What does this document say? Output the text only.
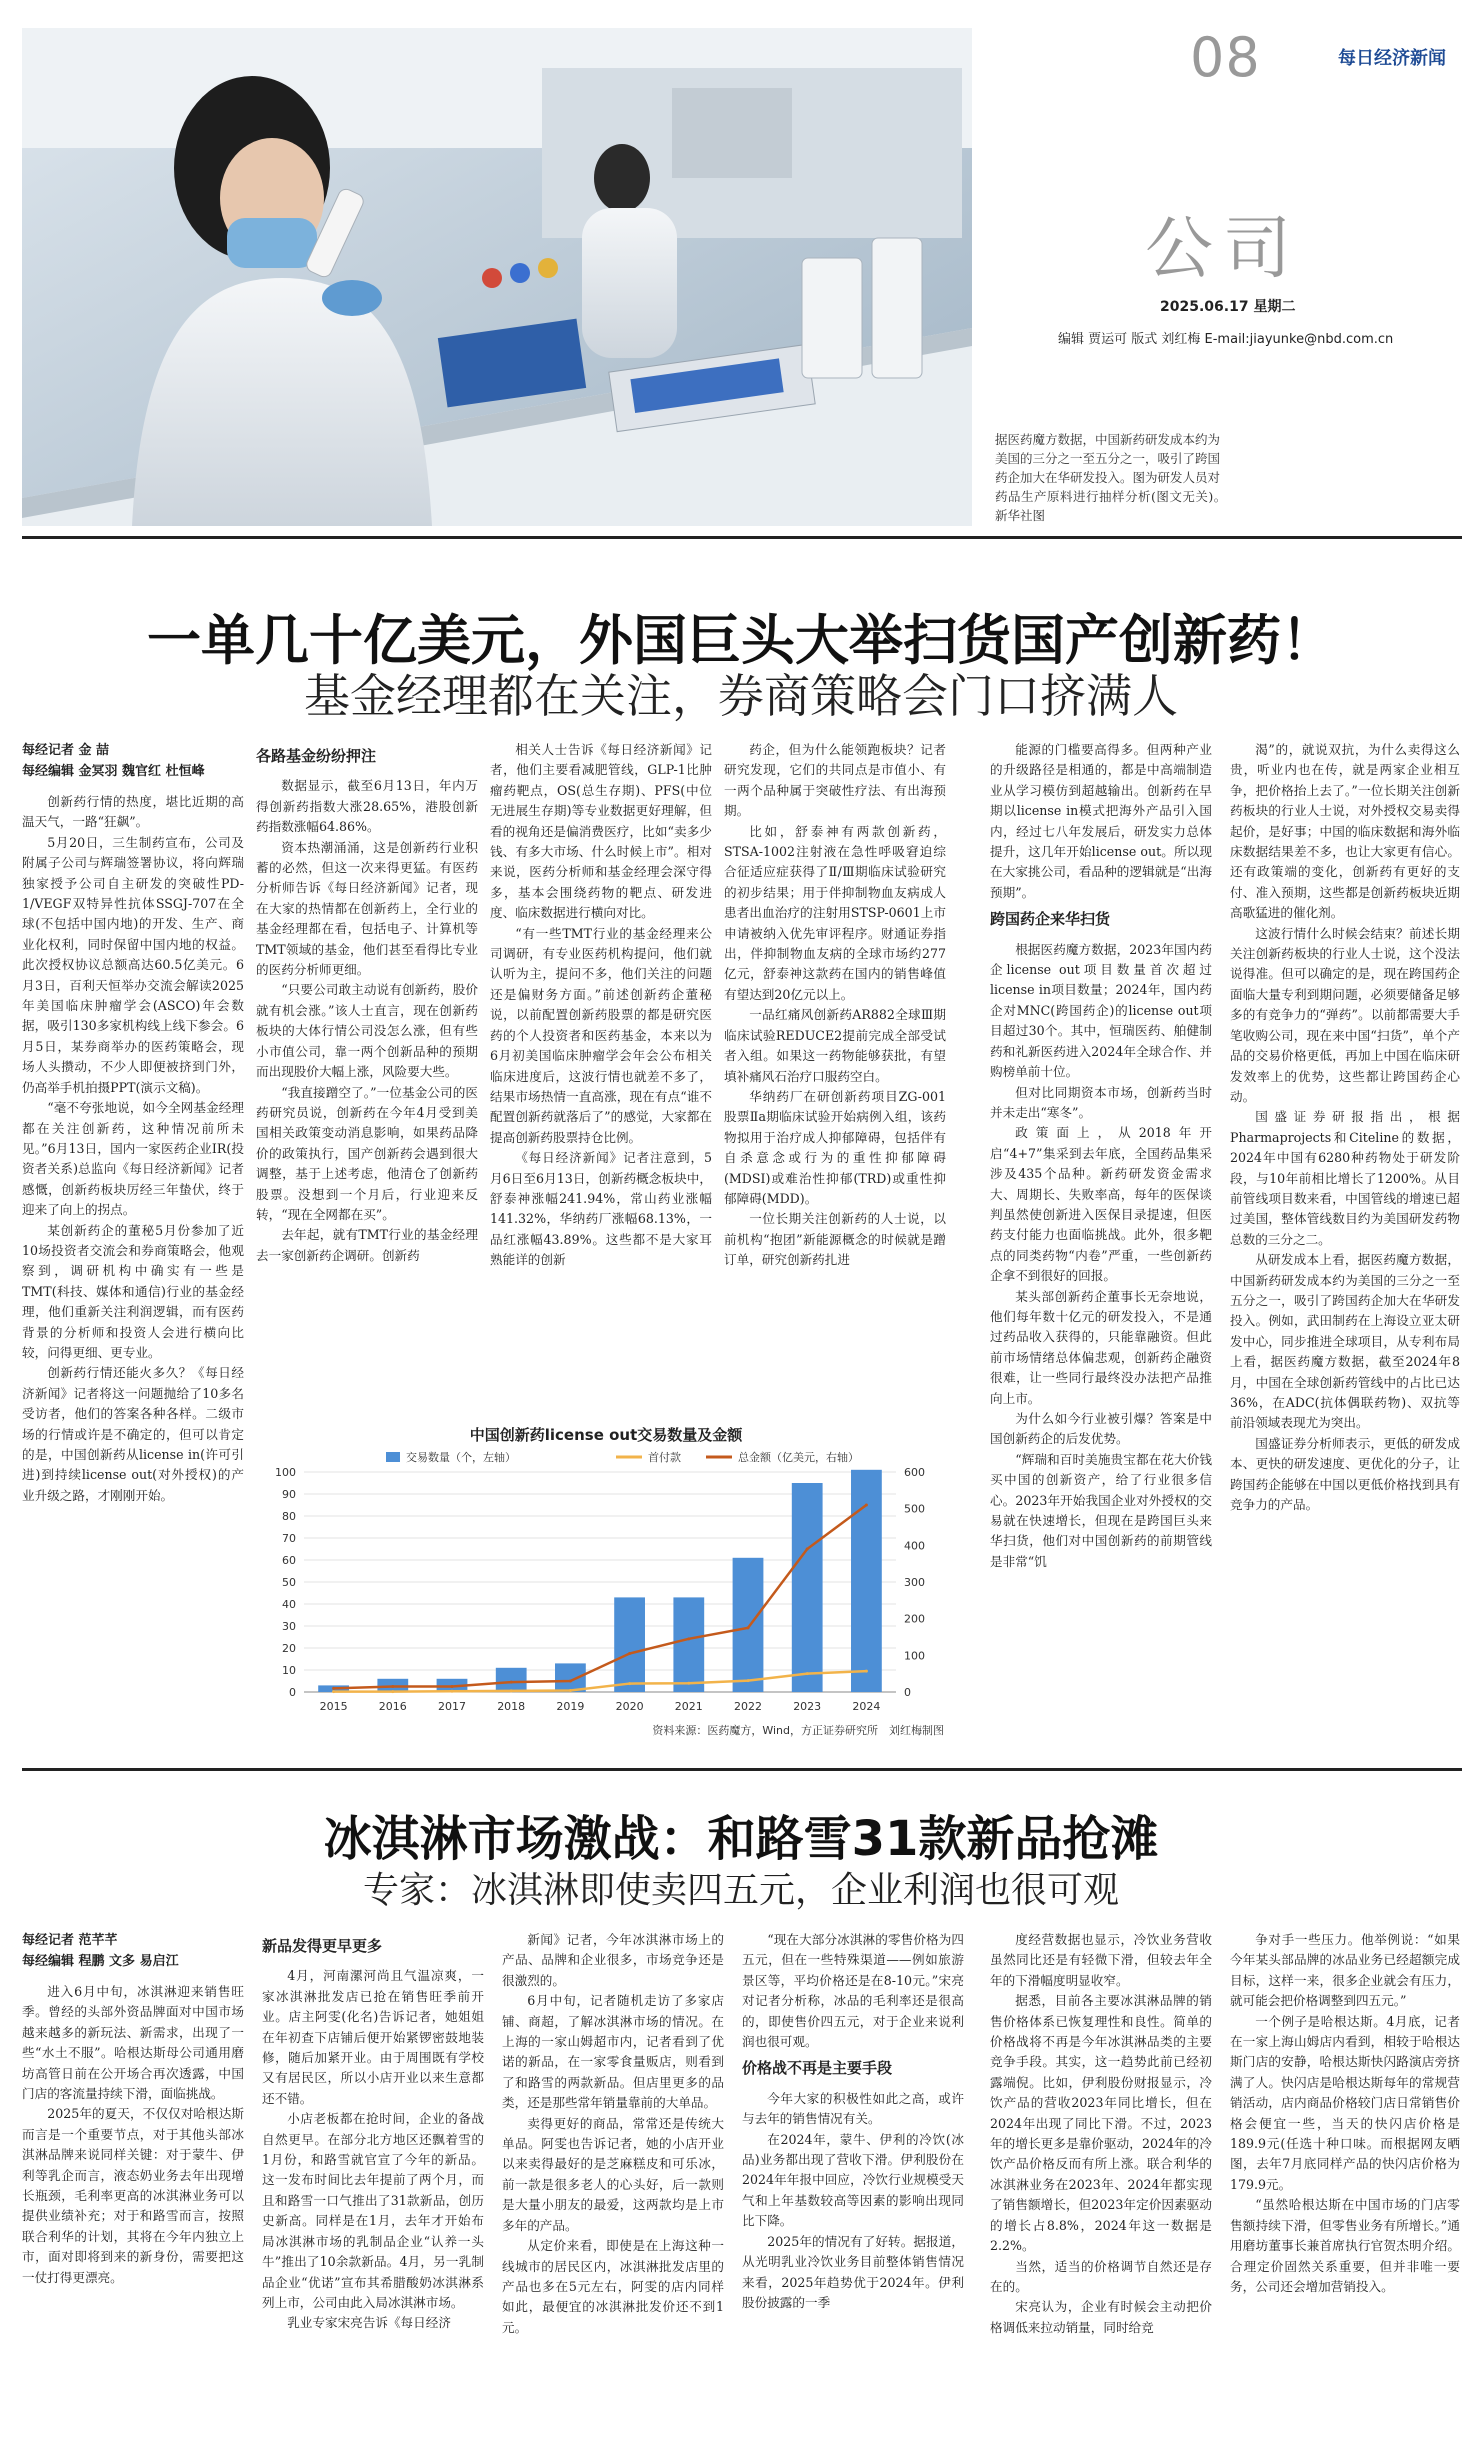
据医药魔方数据，中国新药研发成本约为美国的三分之一至五分之一，吸引了跨国药企加大在华研发投入。图为研发人员对药品生产原料进行抽样分析(图文无关)。　新华社图
08	每日经济新闻
公司
2025.06.17 星期二
编辑 贾运可 版式 刘红梅 E-mail:jiayunke@nbd.com.cn
一单几十亿美元，外国巨头大举扫货国产创新药！
基金经理都在关注，券商策略会门口挤满人

每经记者 金 喆

每经编辑 金冥羽 魏官红 杜恒峰

创新药行情的热度，堪比近期的高温天气，一路“狂飙”。

5月20日，三生制药宣布，公司及附属子公司与辉瑞签署协议，将向辉瑞独家授予公司自主研发的突破性PD-1/VEGF双特异性抗体SSGJ-707在全球(不包括中国内地)的开发、生产、商业化权利，同时保留中国内地的权益。此次授权协议总额高达60.5亿美元。6月3日，百利天恒举办交流会解读2025年美国临床肿瘤学会(ASCO)年会数据，吸引130多家机构线上线下参会。6月5日，某券商举办的医药策略会，现场人头攒动，不少人即便被挤到门外，仍高举手机拍摄PPT(演示文稿)。

“毫不夸张地说，如今全网基金经理都在关注创新药，这种情况前所未见。”6月13日，国内一家医药企业IR(投资者关系)总监向《每日经济新闻》记者感慨，创新药板块厉经三年蛰伏，终于迎来了向上的拐点。

某创新药企的董秘5月份参加了近10场投资者交流会和券商策略会，他观察到，调研机构中确实有一些是TMT(科技、媒体和通信)行业的基金经理，他们重新关注利润逻辑，而有医药背景的分析师和投资人会进行横向比较，问得更细、更专业。

创新药行情还能火多久？《每日经济新闻》记者将这一问题抛给了10多名受访者，他们的答案各种各样。二级市场的行情或许是不确定的，但可以肯定的是，中国创新药从license in(许可引进)到持续license out(对外授权)的产业升级之路，才刚刚开始。

各路基金纷纷押注

数据显示，截至6月13日，年内万得创新药指数大涨28.65%，港股创新药指数涨幅64.86%。

资本热潮涌涌，这是创新药行业积蓄的必然，但这一次来得更猛。有医药分析师告诉《每日经济新闻》记者，现在大家的热情都在创新药上，全行业的基金经理都在看，包括电子、计算机等TMT领域的基金，他们甚至看得比专业的医药分析师更细。

“只要公司敢主动说有创新药，股价就有机会涨。”该人士直言，现在创新药板块的大体行情公司没怎么涨，但有些小市值公司，靠一两个创新品种的预期而出现股价大幅上涨，风险要大些。

“我直接蹭空了。”一位基金公司的医药研究员说，创新药在今年4月受到美国相关政策变动消息影响，如果药品降价的政策执行，国产创新药会遇到很大调整，基于上述考虑，他清仓了创新药股票。没想到一个月后，行业迎来反转，“现在全网都在买”。

去年起，就有TMT行业的基金经理去一家创新药企调研。创新药

相关人士告诉《每日经济新闻》记者，他们主要看减肥管线，GLP-1比肿瘤药靶点，OS(总生存期)、PFS(中位无进展生存期)等专业数据更好理解，但看的视角还是偏消费医疗，比如“卖多少钱、有多大市场、什么时候上市”。相对来说，医药分析师和基金经理会深守得多，基本会围绕药物的靶点、研发进度、临床数据进行横向对比。

“有一些TMT行业的基金经理来公司调研，有专业医药机构提问，他们就认听为主，提问不多，他们关注的问题还是偏财务方面。”前述创新药企董秘说，以前配置创新药股票的都是研究医药的个人投资者和医药基金，本来以为6月初美国临床肿瘤学会年会公布相关临床进度后，这波行情也就差不多了，结果市场热情一直高涨，现在有点“谁不配置创新药就落后了”的感觉，大家都在提高创新药股票持仓比例。

《每日经济新闻》记者注意到，5月6日至6月13日，创新药概念板块中，舒泰神涨幅241.94%，常山药业涨幅141.32%，华纳药厂涨幅68.13%，一品红涨幅43.89%。这些都不是大家耳熟能详的创新

药企，但为什么能领跑板块？记者研究发现，它们的共同点是市值小、有一两个品种属于突破性疗法、有出海预期。

比如，舒泰神有两款创新药，STSA-1002注射液在急性呼吸窘迫综合征适应症获得了Ⅱ/Ⅲ期临床试验研究的初步结果；用于伴抑制物血友病成人患者出血治疗的注射用STSP-0601上市申请被纳入优先审评程序。财通证券指出，伴抑制物血友病的全球市场约277亿元，舒泰神这款药在国内的销售峰值有望达到20亿元以上。

一品红痛风创新药AR882全球Ⅲ期临床试验REDUCE2提前完成全部受试者入组。如果这一药物能够获批，有望填补痛风石治疗口服药空白。

华纳药厂在研创新药项目ZG-001股票Ⅱa期临床试验开始病例入组，该药物拟用于治疗成人抑郁障碍，包括伴有自杀意念或行为的重性抑郁障碍(MDSI)或难治性抑郁(TRD)或重性抑郁障碍(MDD)。

一位长期关注创新药的人士说，以前机构“抱团”新能源概念的时候就是蹭订单，研究创新药扎进

能源的门槛要高得多。但两种产业的升级路径是相通的，都是中高端制造业从学习模仿到超越输出。创新药在早期以license in模式把海外产品引入国内，经过七八年发展后，研发实力总体提升，这几年开始license out。所以现在大家挑公司，看品种的逻辑就是“出海预期”。

跨国药企来华扫货

根据医药魔方数据，2023年国内药企license out项目数量首次超过license in项目数量；2024年，国内药企对MNC(跨国药企)的license out项目超过30个。其中，恒瑞医药、舶健制药和礼新医药进入2024年全球合作、并购榜单前十位。

但对比同期资本市场，创新药当时并未走出“寒冬”。

政策面上，从2018年开启“4+7”集采到去年底，全国药品集采涉及435个品种。新药研发资金需求大、周期长、失败率高，每年的医保谈判虽然使创新进入医保目录提速，但医药支付能力也面临挑战。此外，很多靶点的同类药物“内卷”严重，一些创新药企拿不到很好的回报。

某头部创新药企董事长无奈地说，他们每年数十亿元的研发投入，不是通过药品收入获得的，只能靠融资。但此前市场情绪总体偏悲观，创新药企融资很难，让一些同行最终没办法把产品推向上市。

为什么如今行业被引爆？答案是中国创新药企的后发优势。

“辉瑞和百时美施贵宝都在花大价钱买中国的创新资产，给了行业很多信心。2023年开始我国企业对外授权的交易就在快速增长，但现在是跨国巨头来华扫货，他们对中国创新药的前期管线是非常“饥

渴”的，就说双抗，为什么卖得这么贵，听业内也在传，就是两家企业相互争，把价格抬上去了。”一位长期关注创新药板块的行业人士说，对外授权交易卖得起价，是好事；中国的临床数据和海外临床数据结果差不多，也让大家更有信心。还有政策端的变化，创新药有更好的支付、准入预期，这些都是创新药板块近期高歌猛进的催化剂。

这波行情什么时候会结束？前述长期关注创新药板块的行业人士说，这个没法说得准。但可以确定的是，现在跨国药企面临大量专利到期问题，必须要储备足够多的有竞争力的“弹药”。以前都需要大手笔收购公司，现在来中国“扫货”，单个产品的交易价格更低，再加上中国在临床研发效率上的优势，这些都让跨国药企心动。

国盛证券研报指出，根据Pharmaprojects和Citeline的数据，2024年中国有6280种药物处于研发阶段，与10年前相比增长了1200%。从目前管线项目数来看，中国管线的增速已超过美国，整体管线数目约为美国研发药物总数的三分之二。

从研发成本上看，据医药魔方数据，中国新药研发成本约为美国的三分之一至五分之一，吸引了跨国药企加大在华研发投入。例如，武田制药在上海设立亚太研发中心，同步推进全球项目，从专利布局上看，据医药魔方数据，截至2024年8月，中国在全球创新药管线中的占比已达36%，在ADC(抗体偶联药物)、双抗等前沿领域表现尤为突出。

国盛证券分析师表示，更低的研发成本、更快的研发速度、更优化的分子，让跨国药企能够在中国以更低价格找到具有竞争力的产品。

中国创新药license out交易数量及金额
交易数量（个，左轴）	首付款	总金额（亿美元，右轴）
0
10
20
30
40
50
60
70
80
90
100
0
100
200
300
400
500
600
2015	2016	2017	2018	2019	2020	2021	2022	2023	2024
资料来源：医药魔方，Wind，方正证券研究所　刘红梅制图
冰淇淋市场激战：和路雪31款新品抢滩
专家：冰淇淋即使卖四五元，企业利润也很可观

每经记者 范芊芊

每经编辑 程鹏 文多 易启江

进入6月中旬，冰淇淋迎来销售旺季。曾经的头部外资品牌面对中国市场越来越多的新玩法、新需求，出现了一些“水土不服”。哈根达斯母公司通用磨坊高管日前在公开场合再次透露，中国门店的客流量持续下滑，面临挑战。

2025年的夏天，不仅仅对哈根达斯而言是一个重要节点，对于其他头部冰淇淋品牌来说同样关键：对于蒙牛、伊利等乳企而言，液态奶业务去年出现增长瓶颈，毛利率更高的冰淇淋业务可以提供业绩补充；对于和路雪而言，按照联合利华的计划，其将在今年内独立上市，面对即将到来的新身份，需要把这一仗打得更漂亮。

新品发得更早更多

4月，河南漯河尚且气温凉爽，一家冰淇淋批发店已抢在销售旺季前开业。店主阿雯(化名)告诉记者，她姐姐在年初查下店铺后便开始紧锣密鼓地装修，随后加紧开业。由于周围既有学校又有居民区，所以小店开业以来生意都还不错。

小店老板都在抢时间，企业的备战自然更早。在部分北方地区还飘着雪的1月份，和路雪就官宣了今年的新品。这一发布时间比去年提前了两个月，而且和路雪一口气推出了31款新品，创历史新高。同样是在1月，去年才开始布局冰淇淋市场的乳制品企业“认养一头牛”推出了10余款新品。4月，另一乳制品企业“优诺”宣布其希腊酸奶冰淇淋系列上市，公司由此入局冰淇淋市场。

乳业专家宋亮告诉《每日经济

新闻》记者，今年冰淇淋市场上的产品、品牌和企业很多，市场竞争还是很激烈的。

6月中旬，记者随机走访了多家店铺、商超，了解冰淇淋市场的情况。在上海的一家山姆超市内，记者看到了优诺的新品，在一家零食量贩店，则看到了和路雪的两款新品。但店里更多的品类，还是那些常年销量靠前的大单品。

卖得更好的商品，常常还是传统大单品。阿雯也告诉记者，她的小店开业以来卖得最好的是芝麻糕皮和可乐冰，前一款是很多老人的心头好，后一款则是大量小朋友的最爱，这两款均是上市多年的产品。

从定价来看，即使是在上海这种一线城市的居民区内，冰淇淋批发店里的产品也多在5元左右，阿雯的店内同样如此，最便宜的冰淇淋批发价还不到1元。

“现在大部分冰淇淋的零售价格为四五元，但在一些特殊渠道——例如旅游景区等，平均价格还是在8-10元。”宋亮对记者分析称，冰品的毛利率还是很高的，即使售价四五元，对于企业来说利润也很可观。

价格战不再是主要手段

今年大家的积极性如此之高，或许与去年的销售情况有关。

在2024年，蒙牛、伊利的冷饮(冰品)业务都出现了营收下滑。伊利股份在2024年年报中回应，冷饮行业规模受天气和上年基数较高等因素的影响出现同比下降。

2025年的情况有了好转。据报道，从光明乳业冷饮业务目前整体销售情况来看，2025年趋势优于2024年。伊利股份披露的一季

度经营数据也显示，冷饮业务营收虽然同比还是有轻微下滑，但较去年全年的下滑幅度明显收窄。

据悉，目前各主要冰淇淋品牌的销售价格体系已恢复理性和良性。简单的价格战将不再是今年冰淇淋品类的主要竞争手段。其实，这一趋势此前已经初露端倪。比如，伊利股份财报显示，冷饮产品的营收2023年同比增长，但在2024年出现了同比下滑。不过，2023年的增长更多是靠价驱动，2024年的冷饮产品价格反而有所上涨。联合利华的冰淇淋业务在2023年、2024年都实现了销售额增长，但2023年定价因素驱动的增长占8.8%，2024年这一数据是2.2%。

当然，适当的价格调节自然还是存在的。

宋亮认为，企业有时候会主动把价格调低来拉动销量，同时给竞

争对手一些压力。他举例说：“如果今年某头部品牌的冰品业务已经超额完成目标，这样一来，很多企业就会有压力，就可能会把价格调整到四五元。”

一个例子是哈根达斯。4月底，记者在一家上海山姆店内看到，相较于哈根达斯门店的安静，哈根达斯快闪路演店旁挤满了人。快闪店是哈根达斯每年的常规营销活动，店内商品价格较门店日常销售价格会便宜一些，当天的快闪店价格是189.9元(任选十种口味。而根据网友晒图，去年7月底同样产品的快闪店价格为179.9元。

“虽然哈根达斯在中国市场的门店零售额持续下滑，但零售业务有所增长。”通用磨坊董事长兼首席执行官贺杰明介绍。合理定价固然关系重要，但并非唯一要务，公司还会增加营销投入。
